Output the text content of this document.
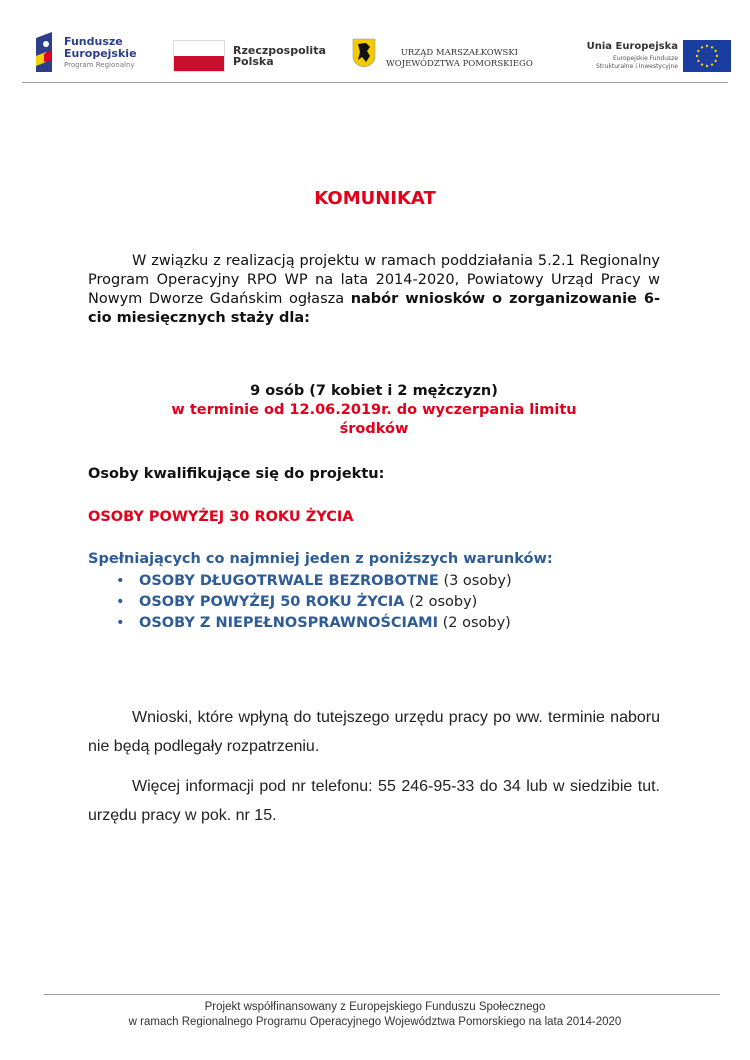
Fundusze
Europejskie
Program Regionalny
Rzeczpospolita
Polska
URZĄD MARSZAŁKOWSKI
WOJEWÓDZTWA POMORSKIEGO
Unia Europejska
Europejskie Fundusze
Strukturalne i Inwestycyjne
KOMUNIKAT
W związku z realizacją projektu w ramach poddziałania 5.2.1 Regionalny Program Operacyjny RPO WP na lata 2014-2020, Powiatowy Urząd Pracy w Nowym Dworze Gdańskim ogłasza nabór wniosków o zorganizowanie 6-cio miesięcznych staży dla:
9 osób (7 kobiet i 2 mężczyzn)
w terminie od 12.06.2019r. do wyczerpania limitu
środków
Osoby kwalifikujące się do projektu:
OSOBY POWYŻEJ 30 ROKU ŻYCIA
Spełniających co najmniej jeden z poniższych warunków:
• OSOBY DŁUGOTRWALE BEZROBOTNE (3 osoby)
• OSOBY POWYŻEJ 50 ROKU ŻYCIA (2 osoby)
• OSOBY Z NIEPEŁNOSPRAWNOŚCIAMI (2 osoby)
Wnioski, które wpłyną do tutejszego urzędu pracy po ww. terminie naboru nie będą podlegały rozpatrzeniu.
Więcej informacji pod nr telefonu: 55 246-95-33 do 34 lub w siedzibie tut. urzędu pracy w pok. nr 15.
Projekt współfinansowany z Europejskiego Funduszu Społecznego
w ramach Regionalnego Programu Operacyjnego Województwa Pomorskiego na lata 2014-2020
